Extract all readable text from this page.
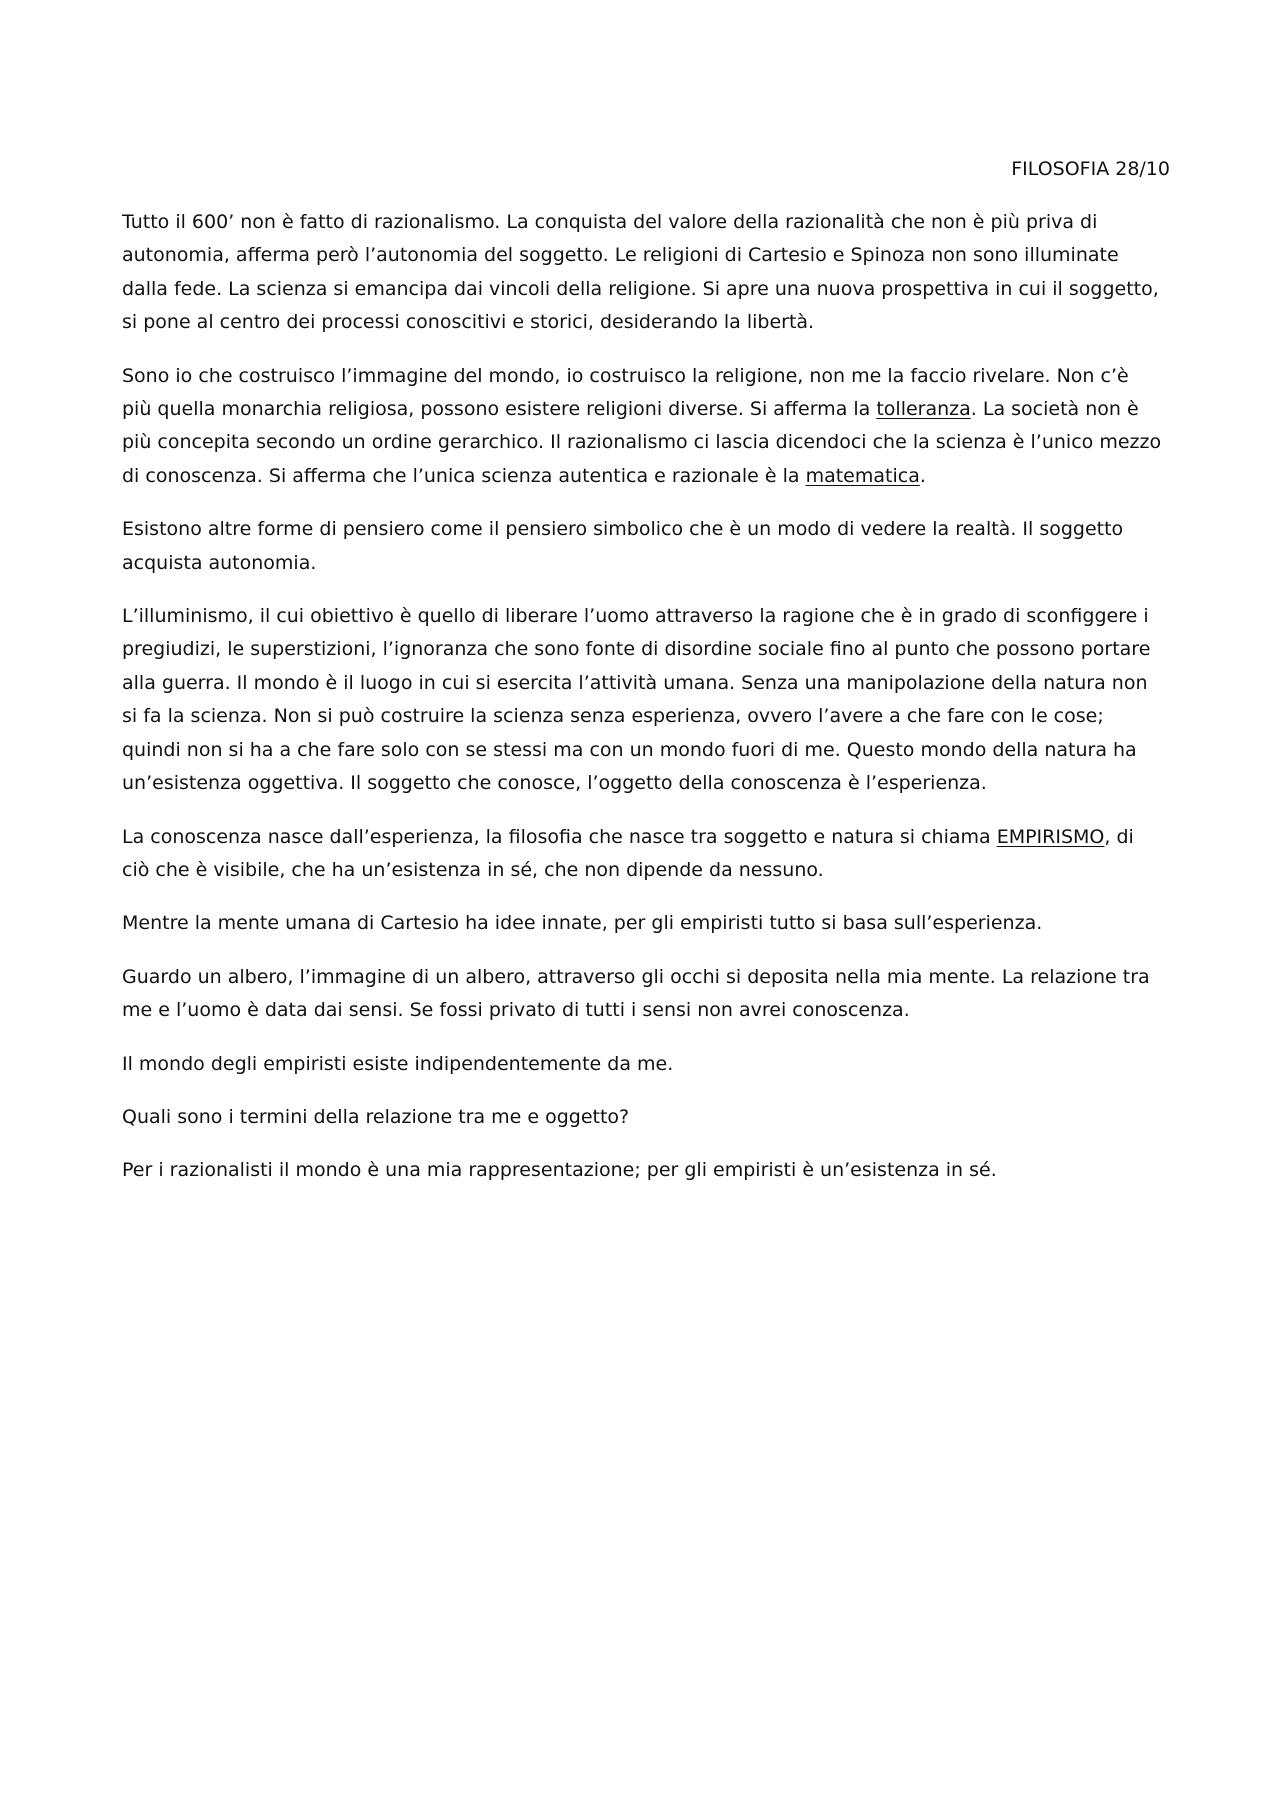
FILOSOFIA 28/10

Tutto il 600’ non è fatto di razionalismo. La conquista del valore della razionalità che non è più priva di autonomia, afferma però l’autonomia del soggetto. Le religioni di Cartesio e Spinoza non sono illuminate dalla fede. La scienza si emancipa dai vincoli della religione. Si apre una nuova prospettiva in cui il soggetto, si pone al centro dei processi conoscitivi e storici, desiderando la libertà.

Sono io che costruisco l’immagine del mondo, io costruisco la religione, non me la faccio rivelare. Non c’è più quella monarchia religiosa, possono esistere religioni diverse. Si afferma la tolleranza. La società non è più concepita secondo un ordine gerarchico. Il razionalismo ci lascia dicendoci che la scienza è l’unico mezzo di conoscenza. Si afferma che l’unica scienza autentica e razionale è la matematica.

Esistono altre forme di pensiero come il pensiero simbolico che è un modo di vedere la realtà. Il soggetto acquista autonomia.

L’illuminismo, il cui obiettivo è quello di liberare l’uomo attraverso la ragione che è in grado di sconfiggere i pregiudizi, le superstizioni, l’ignoranza che sono fonte di disordine sociale fino al punto che possono portare alla guerra. Il mondo è il luogo in cui si esercita l’attività umana. Senza una manipolazione della natura non si fa la scienza. Non si può costruire la scienza senza esperienza, ovvero l’avere a che fare con le cose; quindi non si ha a che fare solo con se stessi ma con un mondo fuori di me. Questo mondo della natura ha un’esistenza oggettiva. Il soggetto che conosce, l’oggetto della conoscenza è l’esperienza.

La conoscenza nasce dall’esperienza, la filosofia che nasce tra soggetto e natura si chiama EMPIRISMO, di ciò che è visibile, che ha un’esistenza in sé, che non dipende da nessuno.

Mentre la mente umana di Cartesio ha idee innate, per gli empiristi tutto si basa sull’esperienza.

Guardo un albero, l’immagine di un albero, attraverso gli occhi si deposita nella mia mente. La relazione tra me e l’uomo è data dai sensi. Se fossi privato di tutti i sensi non avrei conoscenza.

Il mondo degli empiristi esiste indipendentemente da me.

Quali sono i termini della relazione tra me e oggetto?

Per i razionalisti il mondo è una mia rappresentazione; per gli empiristi è un’esistenza in sé.
